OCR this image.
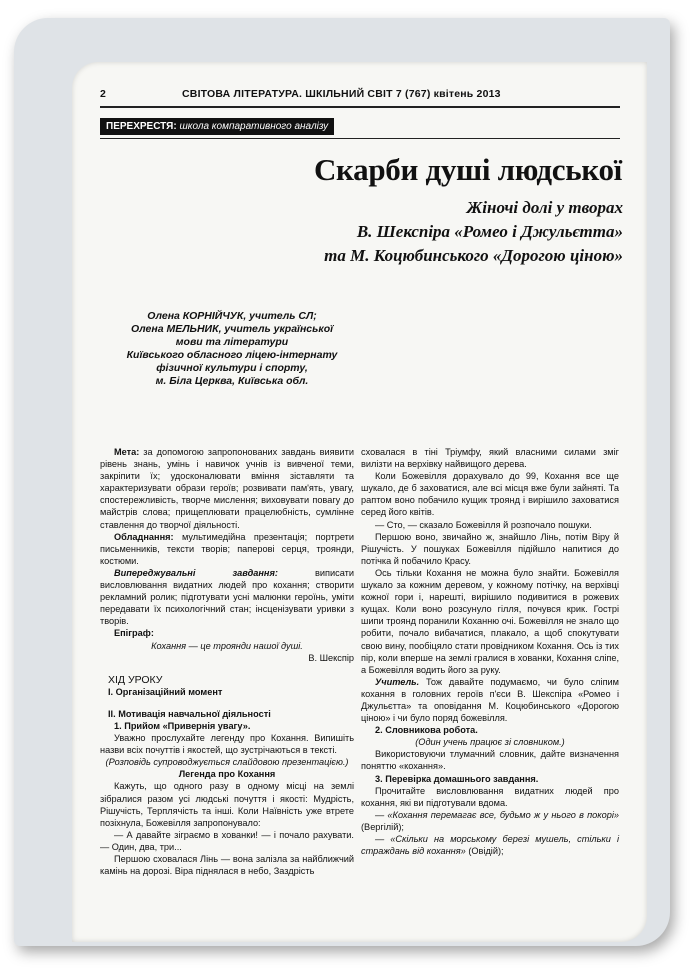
2	СВІТОВА ЛІТЕРАТУРА. ШКІЛЬНИЙ СВІТ 7 (767) квітень 2013
ПЕРЕХРЕСТЯ: школа компаративного аналізу
Скарби душі людської
Жіночі долі у творах
В. Шекспіра «Ромео і Джульєтта»
та М. Коцюбинського «Дорогою ціною»
Олена КОРНІЙЧУК, учитель СЛ;
Олена МЕЛЬНИК, учитель української
мови та літератури
Київського обласного ліцею-інтернату
фізичної культури і спорту,
м. Біла Церква, Київська обл.

Мета: за допомогою запропонованих завдань виявити рівень знань, умінь і навичок учнів із вивченої теми, закріпити їх; удосконалювати вміння зіставляти та характеризувати образи героїв; розвивати пам'ять, увагу, спостережливість, творче мислення; виховувати повагу до майстрів слова; прищеплювати працелюбність, сумлінне ставлення до творчої діяльності.

Обладнання: мультимедійна презентація; портрети письменників, тексти творів; паперові серця, троянди, костюми.

Випереджувальні завдання: виписати висловлювання видатних людей про кохання; створити рекламний ролик; підготувати усні малюнки героїнь, уміти передавати їх психологічний стан; інсценізувати уривки з творів.

Епіграф:

Кохання — це троянди нашої душі.

В. Шекспір

ХІД УРОКУ

І. Організаційний момент

ІІ. Мотивація навчальної діяльності

1. Прийом «Привернія увагу».

Уважно прослухайте легенду про Кохання. Випишіть назви всіх почуттів і якостей, що зустрічаються в тексті.

(Розповідь супроводжується слайдовою презентацією.)

Легенда про Кохання

Кажуть, що одного разу в одному місці на землі зібралися разом усі людські почуття і якості: Мудрість, Рішучість, Терплячість та інші. Коли Наївність уже втрете позіхнула, Божевілля запропонувало:

— А давайте зіграємо в хованки! — і почало рахувати. — Один, два, три...

Першою сховалася Лінь — вона залізла за найближчий камінь на дорозі. Віра піднялася в небо, Заздрість

сховалася в тіні Тріумфу, який власними силами зміг вилізти на верхівку найвищого дерева.

Коли Божевілля дорахувало до 99, Кохання все ще шукало, де б заховатися, але всі місця вже були зайняті. Та раптом воно побачило кущик троянд і вирішило заховатися серед його квітів.

— Сто, — сказало Божевілля й розпочало пошуки.

Першою воно, звичайно ж, знайшло Лінь, потім Віру й Рішучість. У пошуках Божевілля підійшло напитися до потічка й побачило Красу.

Ось тільки Кохання не можна було знайти. Божевілля шукало за кожним деревом, у кожному потічку, на верхівці кожної гори і, нарешті, вирішило подивитися в рожевих кущах. Коли воно розсунуло гілля, почувся крик. Гострі шипи троянд поранили Коханню очі. Божевілля не знало що робити, почало вибачатися, плакало, а щоб спокутувати свою вину, пообіцяло стати провідником Кохання. Ось із тих пір, коли вперше на землі гралися в хованки, Кохання сліпе, а Божевілля водить його за руку.

Учитель. Тож давайте подумаємо, чи було сліпим кохання в головних героїв п'єси В. Шекспіра «Ромео і Джульєтта» та оповідання М. Коцюбинського «Дорогою ціною» і чи було поряд божевілля.

2. Словникова робота.

(Один учень працює зі словником.)

Використовуючи тлумачний словник, дайте визначення поняттю «кохання».

3. Перевірка домашнього завдання.

Прочитайте висловлювання видатних людей про кохання, які ви підготували вдома.

— «Кохання перемагає все, будьмо ж у нього в покорі» (Вергілій);

— «Скільки на морському березі мушель, стільки і страждань від кохання» (Овідій);
